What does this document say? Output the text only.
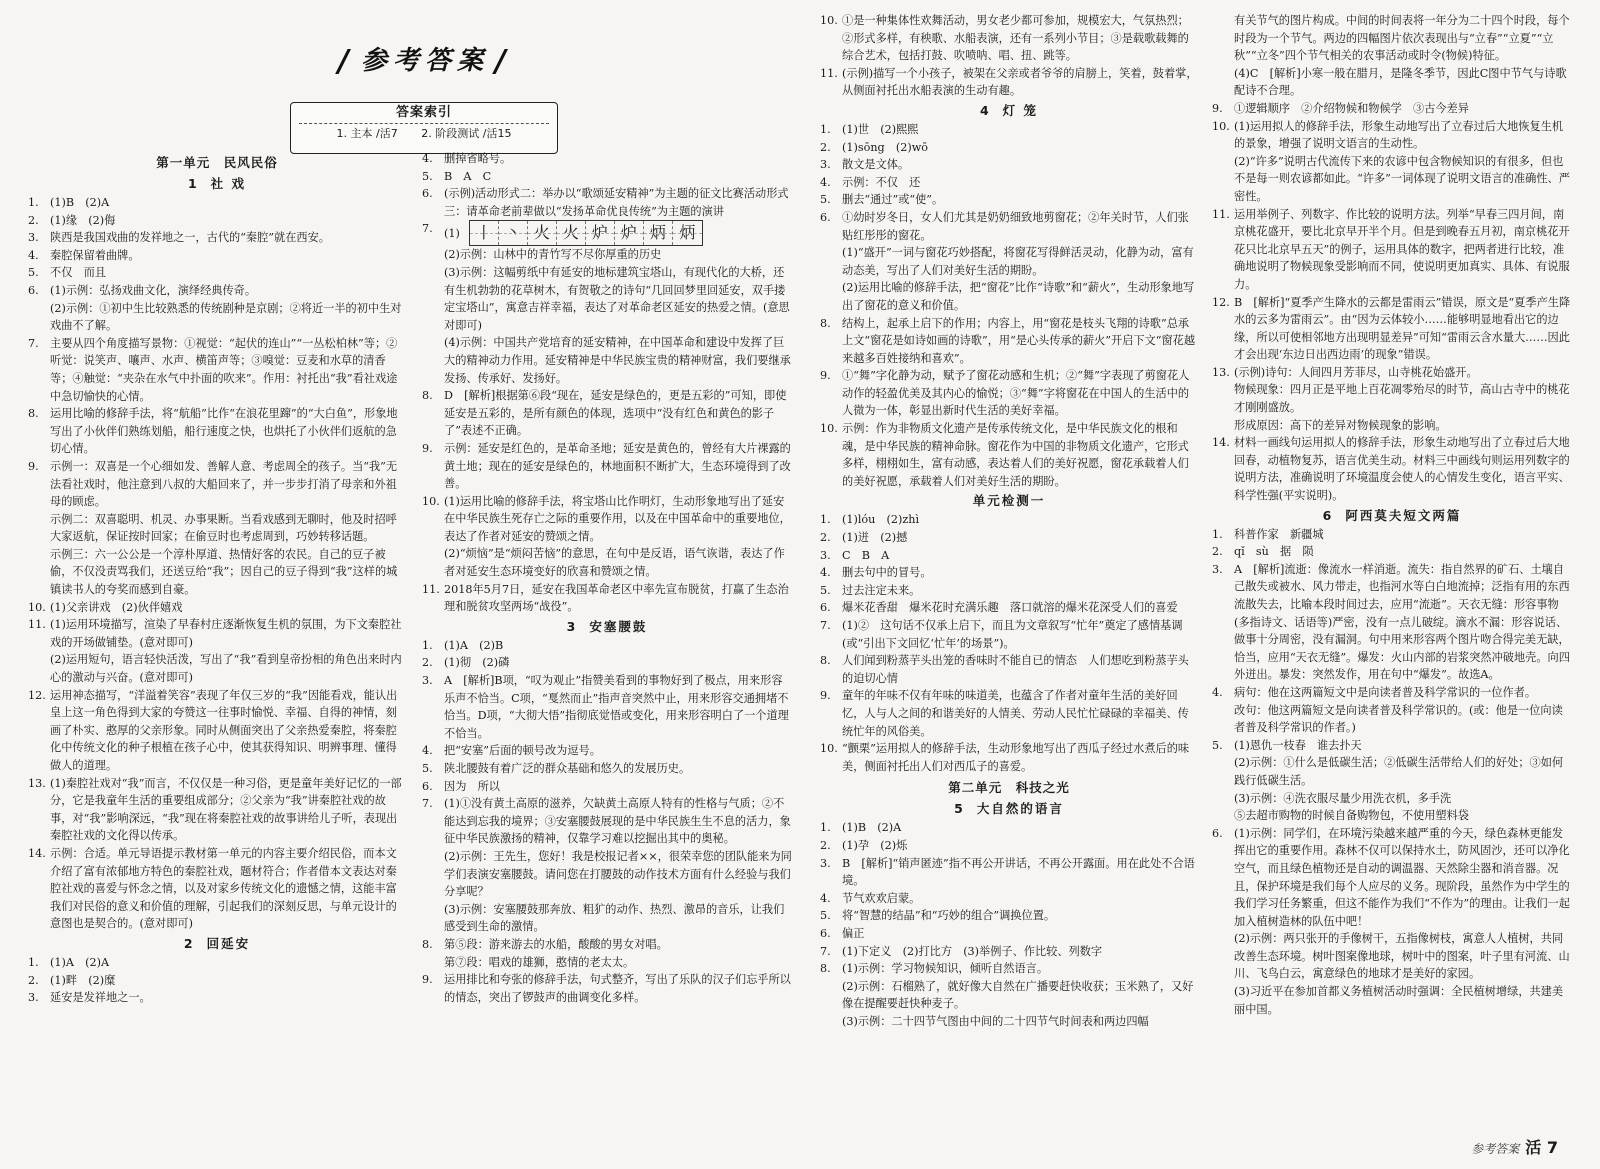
/ 参考答案 /
答案索引
1. 主本 /活7 2. 阶段测试 /活15
第一单元　民风民俗
1 社 戏
1.	(1)B　(2)A
2.	(1)缘　(2)侮
3.	陕西是我国戏曲的发祥地之一，古代的“秦腔”就在西安。
4.	秦腔保留着曲牌。
5.	不仅　而且
6.	(1)示例：弘扬戏曲文化，演绎经典传奇。
(2)示例：①初中生比较熟悉的传统剧种是京剧；②将近一半的初中生对戏曲不了解。
7.	主要从四个角度描写景物：①视觉：“起伏的连山”“一丛松柏林”等；②听觉：说笑声、嚷声、水声、横笛声等；③嗅觉：豆麦和水草的清香等；④触觉：“夹杂在水气中扑面的吹来”。作用：衬托出“我”看社戏途中急切愉快的心情。
8.	运用比喻的修辞手法，将“航船”比作“在浪花里蹿”的“大白鱼”，形象地写出了小伙伴们熟练划船，船行速度之快，也烘托了小伙伴们返航的急切心情。
9.	示例一：双喜是一个心细如发、善解人意、考虑周全的孩子。当“我”无法看社戏时，他注意到八叔的大船回来了，并一步步打消了母亲和外祖母的顾虑。
示例二：双喜聪明、机灵、办事果断。当看戏感到无聊时，他及时招呼大家返航，保证按时回家；在偷豆时也考虑周到，巧妙转移话题。
示例三：六一公公是一个淳朴厚道、热情好客的农民。自己的豆子被偷，不仅没责骂我们，还送豆给“我”；因自己的豆子得到“我”这样的城镇读书人的夸奖而感到自豪。
10. (1)父亲讲戏　(2)伙伴嬉戏
11. (1)运用环境描写，渲染了早春村庄逐渐恢复生机的氛围，为下文秦腔社戏的开场做铺垫。(意对即可)
(2)运用短句，语言轻快活泼，写出了“我”看到皇帝扮相的角色出来时内心的激动与兴奋。(意对即可)
12. 运用神态描写，“洋溢着笑容”表现了年仅三岁的“我”因能看戏，能认出皇上这一角色得到大家的夸赞这一往事时愉悦、幸福、自得的神情，刻画了朴实、憨厚的父亲形象。同时从侧面突出了父亲热爱秦腔，将秦腔化中传统文化的种子根植在孩子心中，使其获得知识、明辨事理、懂得做人的道理。
13. (1)秦腔社戏对“我”而言，不仅仅是一种习俗，更是童年美好记忆的一部分，它是我童年生活的重要组成部分；②父亲为“我”讲秦腔社戏的故事，对“我”影响深远，“我”现在将秦腔社戏的故事讲给儿子听，表现出秦腔社戏的文化得以传承。
14. 示例：合适。单元导语提示教材第一单元的内容主要介绍民俗，而本文介绍了富有浓郁地方特色的秦腔社戏，题材符合；作者借本文表达对秦腔社戏的喜爱与怀念之情，以及对家乡传统文化的遗憾之情，这能丰富我们对民俗的意义和价值的理解，引起我们的深刻反思，与单元设计的意图也是契合的。(意对即可)
2 回延安
1.	(1)A　(2)A
2.	(1)畔　(2)糜
3.	延安是发祥地之一。
4.	删掉省略号。
5.	B　A　C
6.	(示例)活动形式二：举办以“歌颂延安精神”为主题的征文比赛活动形式三：请革命老前辈做以“发扬革命优良传统”为主题的演讲
7.	(1) 丨 丶 火 火 炉 炉 炳 炳
(2)示例：山林中的青竹写不尽你厚重的历史
(3)示例：这幅剪纸中有延安的地标建筑宝塔山，有现代化的大桥，还有生机勃勃的花草树木，有贺敬之的诗句“几回回梦里回延安，双手搂定宝塔山”，寓意吉祥幸福，表达了对革命老区延安的热爱之情。(意思对即可)
(4)示例：中国共产党培育的延安精神，在中国革命和建设中发挥了巨大的精神动力作用。延安精神是中华民族宝贵的精神财富，我们要继承发扬、传承好、发扬好。
8.	D　[解析]根据第⑥段“现在，延安是绿色的，更是五彩的”可知，即使延安是五彩的，是所有颜色的体现，选项中“没有红色和黄色的影子了”表述不正确。
9.	示例：延安是红色的，是革命圣地；延安是黄色的，曾经有大片裸露的黄土地；现在的延安是绿色的，林地面积不断扩大，生态环境得到了改善。
10. (1)运用比喻的修辞手法，将宝塔山比作明灯，生动形象地写出了延安在中华民族生死存亡之际的重要作用，以及在中国革命中的重要地位，表达了作者对延安的赞颂之情。
(2)“烦恼”是“烦闷苦恼”的意思，在句中是反语，语气诙谐，表达了作者对延安生态环境变好的欣喜和赞颂之情。
11. 2018年5月7日，延安在我国革命老区中率先宣布脱贫，打赢了生态治理和脱贫攻坚两场“战役”。
3 安塞腰鼓
1.	(1)A　(2)B
2.	(1)彻　(2)磷
3.	A　[解析]B项，“叹为观止”指赞美看到的事物好到了极点，用来形容乐声不恰当。C项，“戛然而止”指声音突然中止，用来形容交通拥堵不恰当。D项，“大彻大悟”指彻底觉悟或变化，用来形容明白了一个道理不恰当。
4.	把“安塞”后面的顿号改为逗号。
5.	陕北腰鼓有着广泛的群众基础和悠久的发展历史。
6.	因为　所以
7.	(1)①没有黄土高原的滋养，欠缺黄土高原人特有的性格与气质；②不能达到忘我的境界；③安塞腰鼓展现的是中华民族生生不息的活力，象征中华民族激扬的精神，仅靠学习难以挖掘出其中的奥秘。
(2)示例：王先生，您好！我是校报记者××，很荣幸您的团队能来为同学们表演安塞腰鼓。请问您在打腰鼓的动作技术方面有什么经验与我们分享呢？
(3)示例：安塞腰鼓那奔放、粗犷的动作、热烈、激昂的音乐，让我们感受到生命的激情。
8.	第⑤段：游来游去的水船，酸酸的男女对唱。
第⑦段：唱戏的雄狮，憨情的老太太。
9.	运用排比和夸张的修辞手法，句式整齐，写出了乐队的汉子们忘乎所以的情态，突出了锣鼓声的曲调变化多样。
10. ①是一种集体性欢舞活动，男女老少都可参加，规模宏大，气氛热烈；②形式多样，有秧歌、水船表演，还有一系列小节目；③是载歌载舞的综合艺术，包括打鼓、吹喷呐、唱、扭、跳等。
11. (示例)描写一个小孩子，被架在父亲或者爷爷的肩膀上，笑着，鼓着掌，从侧面衬托出水船表演的生动有趣。
4 灯 笼
1.	(1)世　(2)熙熙
2.	(1)sōng　(2)wō
3.	散文是文体。
4.	示例：不仅　还
5.	删去“通过”或“使”。
6.	①幼时岁冬日，女人们尤其是奶奶细致地剪窗花；②年关时节，人们张贴红彤彤的窗花。
(1)“盛开”一词与窗花巧妙搭配，将窗花写得鲜活灵动，化静为动，富有动态美，写出了人们对美好生活的期盼。
(2)运用比喻的修辞手法，把“窗花”比作“诗歌”和“薪火”，生动形象地写出了窗花的意义和价值。
8.	结构上，起承上启下的作用；内容上，用“窗花是枝头飞翔的诗歌”总承上文“窗花是如诗如画的诗歌”，用“是心头传承的薪火”开启下文“窗花越来越多百姓接纳和喜欢”。
9.	①“舞”字化静为动，赋予了窗花动感和生机；②“舞”字表现了剪窗花人动作的轻盈优美及其内心的愉悦；③“舞”字将窗花在中国人的生活中的人微为一体，彰显出新时代生活的美好幸福。
10. 示例：作为非物质文化遗产是传承传统文化，是中华民族文化的根和魂，是中华民族的精神命脉。窗花作为中国的非物质文化遗产，它形式多样，栩栩如生，富有动感，表达着人们的美好祝愿，窗花承载着人们的美好祝愿，承载着人们对美好生活的期盼。
单元检测一
1.	(1)lóu　(2)zhì
2.	(1)迸　(2)撼
3.	C　B　A
4.	删去句中的冒号。
5.	过去注定未来。
6.	爆米花香甜　爆米花时充满乐趣　落口就溶的爆米花深受人们的喜爱
7.	(1)②　这句话不仅承上启下，而且为文章叙写“忙年”奠定了感情基调(或“引出下文回忆‘忙年’的场景”)。
8.	人们闻到粉蒸芋头出笼的香味时不能自已的情态　人们想吃到粉蒸芋头的迫切心情
9.	童年的年味不仅有年味的味道美，也蕴含了作者对童年生活的美好回忆，人与人之间的和谐美好的人情美、劳动人民忙忙碌碌的幸福美、传统忙年的风俗美。
10. “颤栗”运用拟人的修辞手法，生动形象地写出了西瓜子经过水煮后的味美，侧面衬托出人们对西瓜子的喜爱。
第二单元　科技之光
5 大自然的语言
1.	(1)B　(2)A
2.	(1)孕　(2)烁
3.	B　[解析]“销声匿迹”指不再公开讲话，不再公开露面。用在此处不合语境。
4.	节气欢欢启蒙。
5.	将“智慧的结晶”和“巧妙的组合”调换位置。
6.	偏正
7.	(1)下定义　(2)打比方　(3)举例子、作比较、列数字
8.	(1)示例：学习物候知识，倾听自然语言。
(2)示例：石榴熟了，就好像大自然在广播要赶快收获；玉米熟了，又好像在提醒要赶快种麦子。
(3)示例：二十四节气图由中间的二十四节气时间表和两边四幅
有关节气的图片构成。中间的时间表将一年分为二十四个时段，每个时段为一个节气。两边的四幅图片依次表现出与“立春”“立夏”“立秋”“立冬”四个节气相关的农事活动或时令(物候)特征。
(4)C　[解析]小寒一般在腊月，是隆冬季节，因此C图中节气与诗歌配诗不合理。
9.	①逻辑顺序　②介绍物候和物候学　③古今差异
10. (1)运用拟人的修辞手法，形象生动地写出了立春过后大地恢复生机的景象，增强了说明文语言的生动性。
(2)“许多”说明古代流传下来的农谚中包含物候知识的有很多，但也不是每一则农谚都如此。“许多”一词体现了说明文语言的准确性、严密性。
11. 运用举例子、列数字、作比较的说明方法。列举“早春三四月间，南京桃花盛开，要比北京早开半个月。但是到晚春五月初，南京桃花开花只比北京早五天”的例子，运用具体的数字，把两者进行比较，准确地说明了物候现象受影响而不同，使说明更加真实、具体、有说服力。
12. B　[解析]“夏季产生降水的云都是雷雨云”错误，原文是“夏季产生降水的云多为雷雨云”。由“因为云体较小……能够明显地看出它的边缘，所以可使相邻地方出现明显差异”可知“雷雨云含水量大……因此才会出现‘东边日出西边雨’的现象”错误。
13. (示例)诗句：人间四月芳菲尽，山寺桃花始盛开。
物候现象：四月正是平地上百花凋零殆尽的时节，高山古寺中的桃花才刚刚盛放。
形成原因：高下的差异对物候现象的影响。
14. 材料一画线句运用拟人的修辞手法，形象生动地写出了立春过后大地回春，动植物复苏，语言优美生动。材料三中画线句则运用列数字的说明方法，准确说明了环境温度会使人的心情发生变化，语言平实、科学性强(平实说明)。
6 阿西莫夫短文两篇
1.	科普作家　新疆城
2.	qǐ　sù　据　陨
3.	A　[解析]流逝：像流水一样消逝。流失：指自然界的矿石、土壤自己散失或被水、风力带走，也指河水等白白地流掉；泛指有用的东西流散失去，比喻本段时间过去，应用“流逝”。天衣无缝：形容事物(多指诗文、话语等)严密，没有一点儿破绽。滴水不漏：形容说话、做事十分周密，没有漏洞。句中用来形容两个图片吻合得完美无缺，恰当，应用“天衣无缝”。爆发：火山内部的岩浆突然冲破地壳。向四外迸出。暴发：突然发作，用在句中“爆发”。故选A。
4.	病句：他在这两篇短文中是向读者普及科学常识的一位作者。
改句：他这两篇短文是向读者普及科学常识的。(或：他是一位向读者普及科学常识的作者。)
5.	(1)恩仇一枝春　谁去扑天
(2)示例：①什么是低碳生活；②低碳生活带给人们的好处；③如何践行低碳生活。
(3)示例：④洗衣服尽量少用洗衣机，多手洗
⑤去超市购物的时候自备购物包，不使用塑料袋
6.	(1)示例：同学们，在环境污染越来越严重的今天，绿色森林更能发挥出它的重要作用。森林不仅可以保持水土，防风固沙，还可以净化空气，而且绿色植物还是自动的调温器、天然除尘器和消音器。况且，保护环境是我们每个人应尽的义务。现阶段，虽然作为中学生的我们学习任务繁重，但这不能作为我们“不作为”的理由。让我们一起加入植树造林的队伍中吧！
(2)示例：两只张开的手像树干，五指像树枝，寓意人人植树，共同改善生态环境。树叶图案像地球，树叶中的图案，叶子里有河流、山川、飞鸟白云，寓意绿色的地球才是美好的家园。
(3)习近平在参加首都义务植树活动时强调：全民植树增绿，共建美丽中国。
参考答案 活 7
